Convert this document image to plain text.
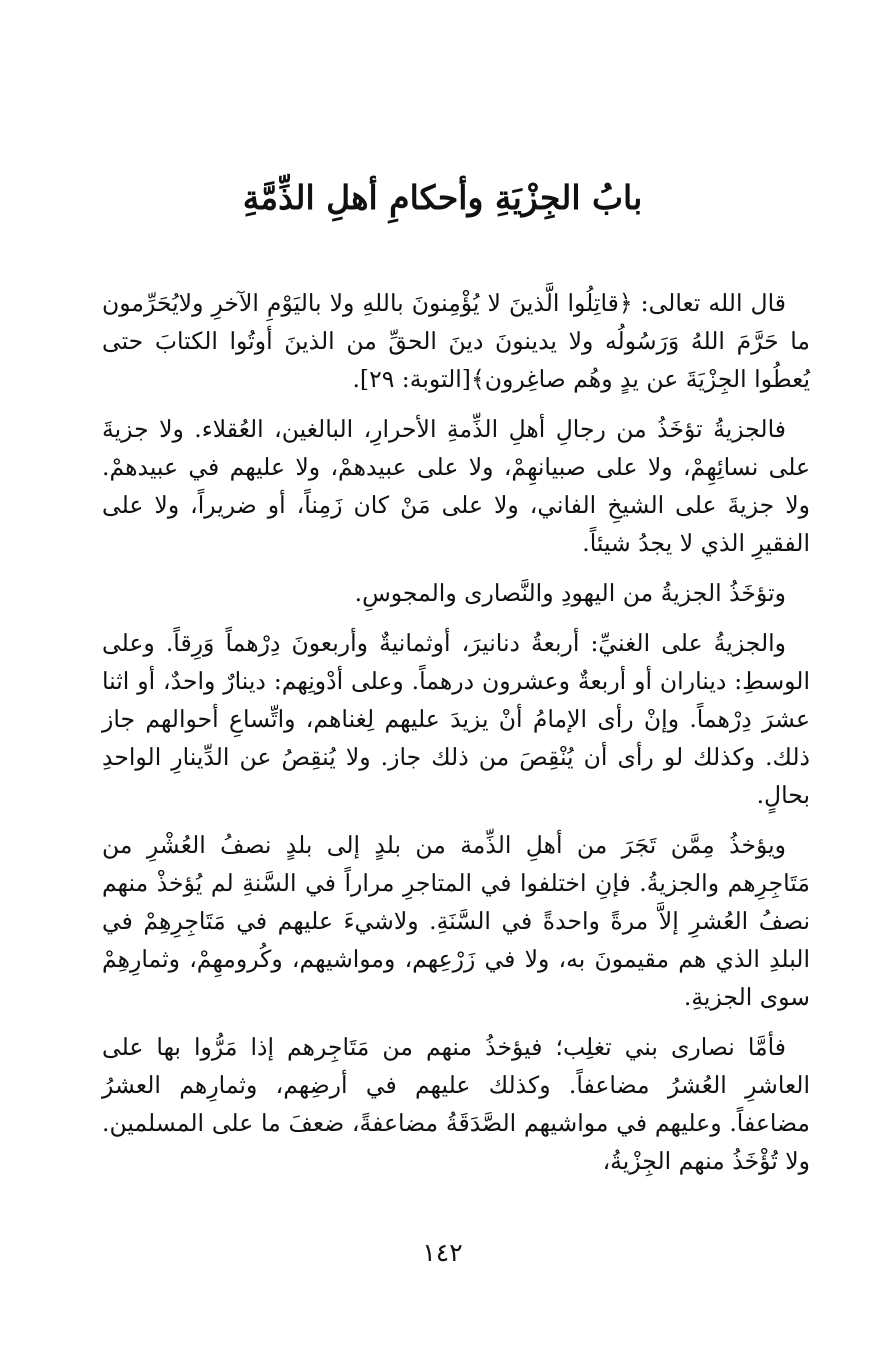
بابُ الجِزْيَةِ وأحكامِ أهلِ الذِّمَّةِ

قال الله تعالى: ﴿قاتِلُوا الَّذينَ لا يُؤْمِنونَ باللهِ ولا باليَوْمِ الآخرِ ولايُحَرِّمون ما حَرَّمَ اللهُ وَرَسُولُه ولا يدينونَ دينَ الحقِّ من الذينَ أوتُوا الكتابَ حتى يُعطُوا الجِزْيَةَ عن يدٍ وهُم صاغِرون﴾[التوبة: ٢٩].

فالجزيةُ تؤخَذُ من رجالِ أهلِ الذِّمةِ الأحرارِ، البالغين، العُقلاء. ولا جزيةَ على نسائِهِمْ، ولا على صبيانهِمْ، ولا على عبيدهمْ، ولا عليهم في عبيدهمْ. ولا جزيةَ على الشيخِ الفاني، ولا على مَنْ كان زَمِناً، أو ضريراً، ولا على الفقيرِ الذي لا يجدُ شيئاً.

وتؤخَذُ الجزيةُ من اليهودِ والنَّصارى والمجوسِ.

والجزيةُ على الغنيِّ: أربعةُ دنانيرَ، أوثمانيةٌ وأربعونَ دِرْهماً وَرِقاً. وعلى الوسطِ: ديناران أو أربعةٌ وعشرون درهماً. وعلى أدْونِهم: دينارٌ واحدٌ، أو اثنا عشرَ دِرْهماً. وإنْ رأى الإمامُ أنْ يزيدَ عليهم لِغناهم، واتِّساعِ أحوالهم جاز ذلك. وكذلك لو رأى أن يُنْقِصَ من ذلك جاز. ولا يُنقِصُ عن الدِّينارِ الواحدِ بحالٍ.

ويؤخذُ مِمَّن تَجَرَ من أهلِ الذِّمة من بلدٍ إلى بلدٍ نصفُ العُشْرِ من مَتَاجِرِهم والجزيةُ. فإنِ اختلفوا في المتاجرِ مراراً في السَّنةِ لم يُؤخذْ منهم نصفُ العُشرِ إلاَّ مرةً واحدةً في السَّنَةِ. ولاشيءَ عليهم في مَتَاجِرِهِمْ في البلدِ الذي هم مقيمونَ به، ولا في زَرْعِهم، ومواشيهم، وكُرومهِمْ، وثمارِهِمْ سوى الجزيةِ.

فأمَّا نصارى بني تغلِب؛ فيؤخذُ منهم من مَتَاجِرهم إذا مَرُّوا بها على العاشرِ العُشرُ مضاعفاً. وكذلك عليهم في أرضِهم، وثمارِهم العشرُ مضاعفاً. وعليهم في مواشيهم الصَّدَقَةُ مضاعفةً، ضعفَ ما على المسلمين. ولا تُؤْخَذُ منهم الجِزْيةُ،

١٤٢
